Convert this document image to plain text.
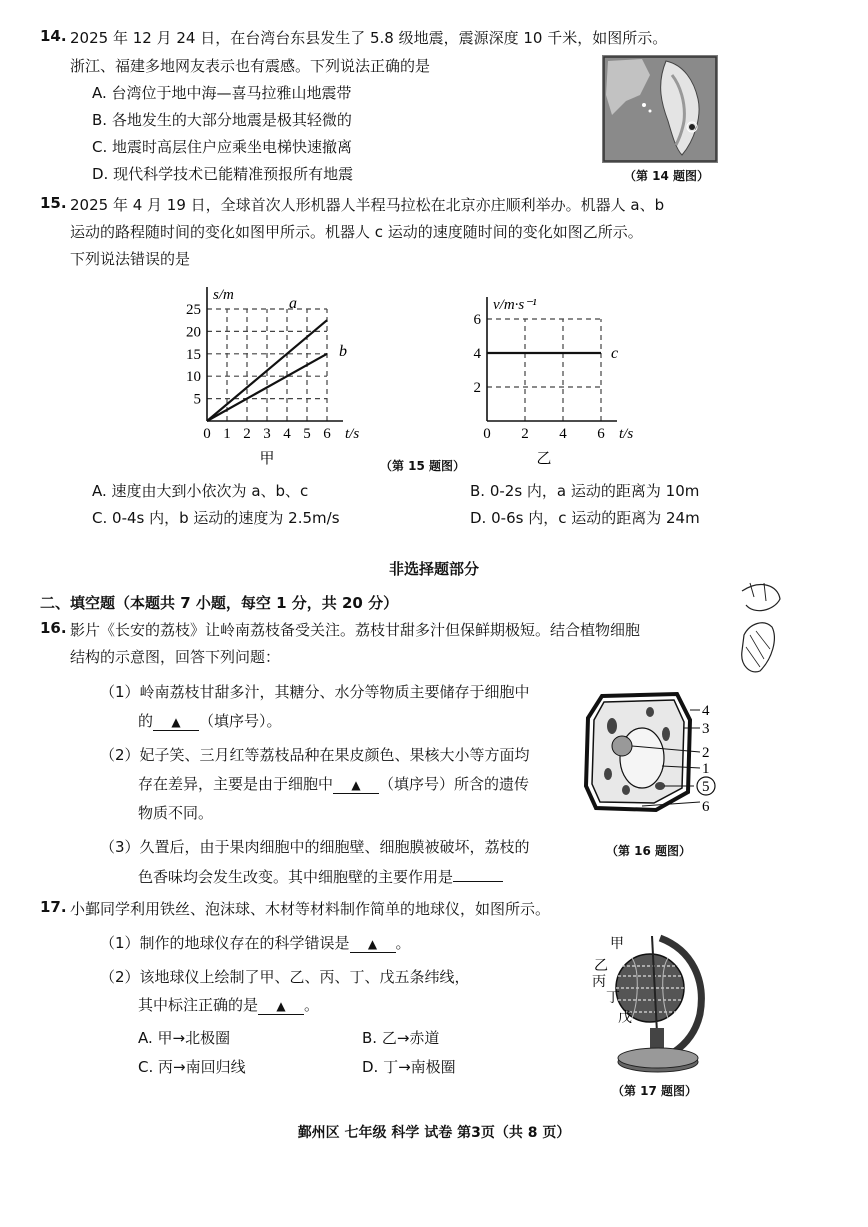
14. 2025 年 12 月 24 日，在台湾台东县发生了 5.8 级地震，震源深度 10 千米，如图所示。
浙江、福建多地网友表示也有震感。下列说法正确的是
A. 台湾位于地中海—喜马拉雅山地震带
B. 各地发生的大部分地震是极其轻微的
C. 地震时高层住户应乘坐电梯快速撤离
D. 现代科学技术已能精准预报所有地震	（第 14 题图）
15. 2025 年 4 月 19 日，全球首次人形机器人半程马拉松在北京亦庄顺利举办。机器人 a、b
运动的路程随时间的变化如图甲所示。机器人 c 运动的速度随时间的变化如图乙所示。
下列说法错误的是
0 1 2 3 4 5 6
5
10
15
20
25
t/s
s/m
a
b
甲
0 2 4 6
2
4
6
t/s
v/m·s⁻¹
c
乙
（第 15 题图）
A. 速度由大到小依次为 a、b、c	B. 0-2s 内，a 运动的距离为 10m
C. 0-4s 内，b 运动的速度为 2.5m/s	D. 0-6s 内，c 运动的距离为 24m
非选择题部分
二、填空题（本题共 7 小题，每空 1 分，共 20 分）
16. 影片《长安的荔枝》让岭南荔枝备受关注。荔枝甘甜多汁但保鲜期极短。结合植物细胞
结构的示意图，回答下列问题：
（1）岭南荔枝甘甜多汁，其糖分、水分等物质主要储存于细胞中
的 ▲ （填序号）。
（2）妃子笑、三月红等荔枝品种在果皮颜色、果核大小等方面均
存在差异，主要是由于细胞中 ▲ （填序号）所含的遗传
物质不同。
（3）久置后，由于果肉细胞中的细胞壁、细胞膜被破坏，荔枝的
色香味均会发生改变。其中细胞壁的主要作用是
4
3
2
1
5
6
（第 16 题图）
17. 小鄞同学利用铁丝、泡沫球、木材等材料制作简单的地球仪，如图所示。
（1）制作的地球仪存在的科学错误是 ▲ 。
（2）该地球仪上绘制了甲、乙、丙、丁、戊五条纬线，
其中标注正确的是 ▲ 。
A. 甲→北极圈	B. 乙→赤道
C. 丙→南回归线	D. 丁→南极圈
甲
乙
丙
丁
戊
（第 17 题图）
鄞州区 七年级 科学 试卷 第3页（共 8 页）
